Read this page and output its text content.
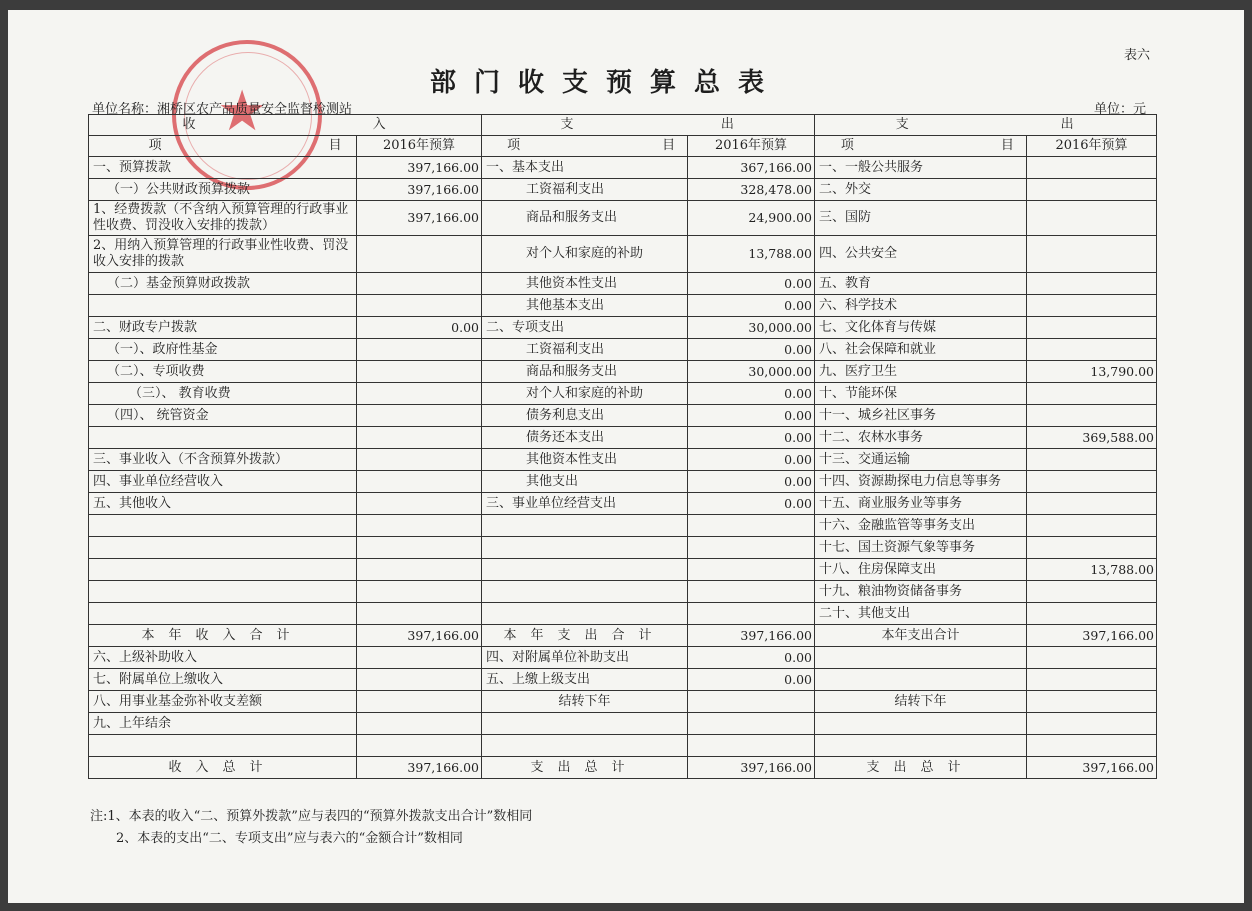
★
表六
部门收支预算总表
单位名称：湘桥区农产品质量安全监督检测站	单位：元
收 入		支 出		支 出	
项 目	2016年预算	项 目	2016年预算	项 目	2016年预算
一、预算拨款	397,166.00	一、基本支出	367,166.00	一、一般公共服务	
（一）公共财政预算拨款	397,166.00	工资福利支出	328,478.00	二、外交	
1、经费拨款（不含纳入预算管理的行政事业性收费、罚没收入安排的拨款）	397,166.00	商品和服务支出	24,900.00	三、国防	
2、用纳入预算管理的行政事业性收费、罚没收入安排的拨款		对个人和家庭的补助	13,788.00	四、公共安全	
（二）基金预算财政拨款		其他资本性支出	0.00	五、教育	
		其他基本支出	0.00	六、科学技术	
二、财政专户拨款	0.00	二、专项支出	30,000.00	七、文化体育与传媒	
（一）、政府性基金		工资福利支出	0.00	八、社会保障和就业	
（二）、专项收费		商品和服务支出	30,000.00	九、医疗卫生	13,790.00
（三）、 教育收费		对个人和家庭的补助	0.00	十、节能环保	
（四）、 统管资金		债务利息支出	0.00	十一、城乡社区事务	
		债务还本支出	0.00	十二、农林水事务	369,588.00
三、事业收入（不含预算外拨款）		其他资本性支出	0.00	十三、交通运输	
四、事业单位经营收入		其他支出	0.00	十四、资源勘探电力信息等事务	
五、其他收入		三、事业单位经营支出	0.00	十五、商业服务业等事务	
				十六、金融监管等事务支出	
				十七、国土资源气象等事务	
				十八、住房保障支出	13,788.00
				十九、粮油物资储备事务	
				二十、其他支出	
本年收入合计	397,166.00	本年支出合计	397,166.00	本年支出合计	397,166.00
六、上级补助收入		四、对附属单位补助支出	0.00		
七、附属单位上缴收入		五、上缴上级支出	0.00		
八、用事业基金弥补收支差额		结转下年		结转下年	
九、上年结余					

收入总计	397,166.00	支出总计	397,166.00	支出总计	397,166.00
注:1、本表的收入“二、预算外拨款”应与表四的“预算外拨款支出合计”数相同
2、本表的支出“二、专项支出”应与表六的“金额合计”数相同
